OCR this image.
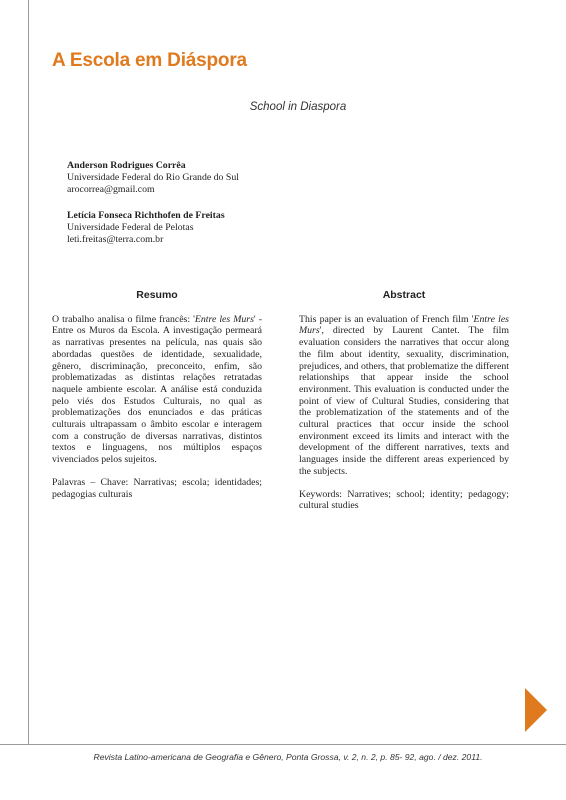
A Escola em Diáspora
School in Diaspora
Anderson Rodrigues Corrêa
Universidade Federal do Rio Grande do Sul
arocorrea@gmail.com
Letícia Fonseca Richthofen de Freitas
Universidade Federal de Pelotas
leti.freitas@terra.com.br
Resumo

O trabalho analisa o filme francês: 'Entre les Murs' - Entre os Muros da Escola. A investigação permeará as narrativas presentes na película, nas quais são abordadas questões de identidade, sexualidade, gênero, discriminação, preconceito, enfim, são problematizadas as distintas relações retratadas naquele ambiente escolar. A análise está conduzida pelo viés dos Estudos Culturais, no qual as problematizações dos enunciados e das práticas culturais ultrapassam o âmbito escolar e interagem com a construção de diversas narrativas, distintos textos e linguagens, nos múltiplos espaços vivenciados pelos sujeitos.

Palavras – Chave: Narrativas; escola; identidades; pedagogias culturais

Abstract

This paper is an evaluation of French film 'Entre les Murs', directed by Laurent Cantet. The film evaluation considers the narratives that occur along the film about identity, sexuality, discrimination, prejudices, and others, that problematize the different relationships that appear inside the school environment. This evaluation is conducted under the point of view of Cultural Studies, considering that the problematization of the statements and of the cultural practices that occur inside the school environment exceed its limits and interact with the development of the different narratives, texts and languages inside the different areas experienced by the subjects.

Keywords: Narratives; school; identity; pedagogy; cultural studies

Revista Latino-americana de Geografia e Gênero, Ponta Grossa, v. 2, n. 2, p. 85- 92, ago. / dez. 2011.
